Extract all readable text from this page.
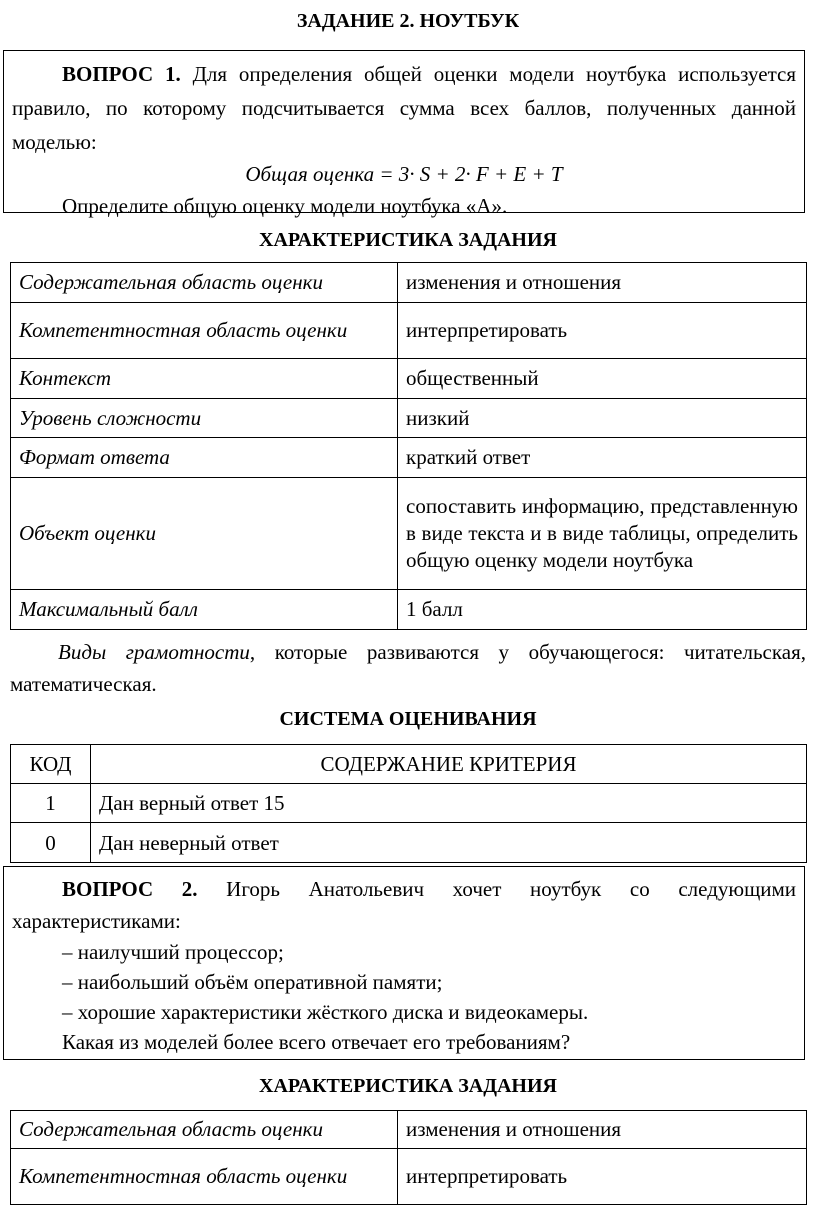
ЗАДАНИЕ 2. НОУТБУК

ВОПРОС 1. Для определения общей оценки модели ноутбука используется правило, по которому подсчитывается сумма всех баллов, полученных данной моделью:

Общая оценка = 3· S + 2· F + E + T

Определите общую оценку модели ноутбука «А».

ХАРАКТЕРИСТИКА ЗАДАНИЯ
Содержательная область оценки	изменения и отношения
Компетентностная область оценки	интерпретировать
Контекст	общественный
Уровень сложности	низкий
Формат ответа	краткий ответ
Объект оценки	сопоставить информацию, представленную в виде текста и в виде таблицы, определить общую оценку модели ноутбука
Максимальный балл	1 балл

Виды грамотности, которые развиваются у обучающегося: читательская, математическая.

СИСТЕМА ОЦЕНИВАНИЯ
КОД	СОДЕРЖАНИЕ КРИТЕРИЯ
1	Дан верный ответ 15
0	Дан неверный ответ

ВОПРОС 2. Игорь Анатольевич хочет ноутбук со следующими характеристиками:

– наилучший процессор;

– наибольший объём оперативной памяти;

– хорошие характеристики жёсткого диска и видеокамеры.

Какая из моделей более всего отвечает его требованиям?

ХАРАКТЕРИСТИКА ЗАДАНИЯ
Содержательная область оценки	изменения и отношения
Компетентностная область оценки	интерпретировать
